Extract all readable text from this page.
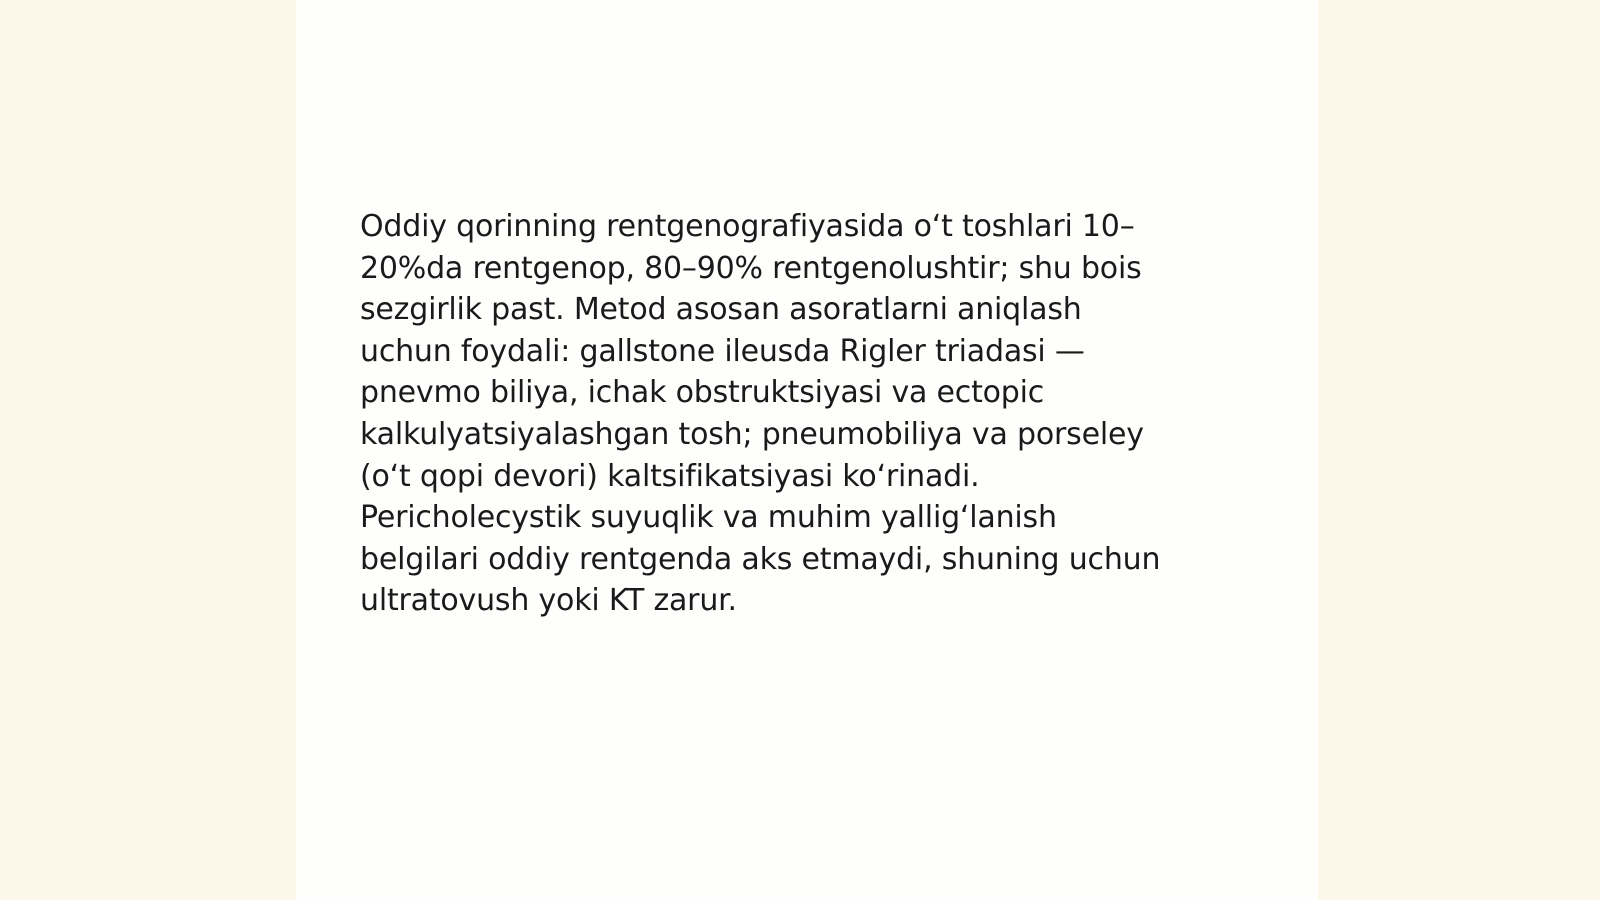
Oddiy qorinning rentgenografiyasida o‘t toshlari 10–
20%da rentgenop, 80–90% rentgenolushtir; shu bois
sezgirlik past. Metod asosan asoratlarni aniqlash
uchun foydali: gallstone ileusda Rigler triadasi —
pnevmo biliya, ichak obstruktsiyasi va ectopic
kalkulyatsiyalashgan tosh; pneumobiliya va porseley
(o‘t qopi devori) kaltsifikatsiyasi ko‘rinadi.
Pericholecystik suyuqlik va muhim yallig‘lanish
belgilari oddiy rentgenda aks etmaydi, shuning uchun
ultratovush yoki KT zarur.
